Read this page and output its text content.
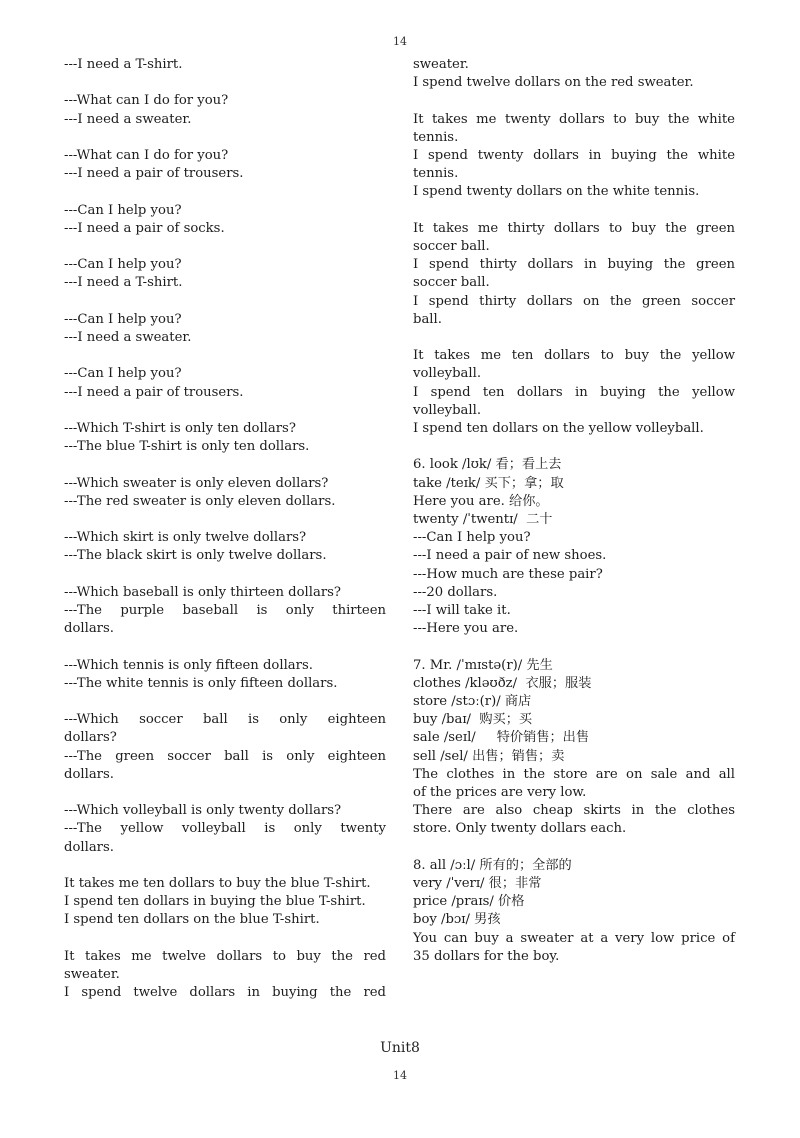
14
---I need a T-shirt.
---What can I do for you?
---I need a sweater.
---What can I do for you?
---I need a pair of trousers.
---Can I help you?
---I need a pair of socks.
---Can I help you?
---I need a T-shirt.
---Can I help you?
---I need a sweater.
---Can I help you?
---I need a pair of trousers.
---Which T-shirt is only ten dollars?
---The blue T-shirt is only ten dollars.
---Which sweater is only eleven dollars?
---The red sweater is only eleven dollars.
---Which skirt is only twelve dollars?
---The black skirt is only twelve dollars.
---Which baseball is only thirteen dollars?
---The purple baseball is only thirteen
dollars.
---Which tennis is only fifteen dollars.
---The white tennis is only fifteen dollars.
---Which soccer ball is only eighteen
dollars?
---The green soccer ball is only eighteen
dollars.
---Which volleyball is only twenty dollars?
---The yellow volleyball is only twenty
dollars.
It takes me ten dollars to buy the blue T-shirt.
I spend ten dollars in buying the blue T-shirt.
I spend ten dollars on the blue T-shirt.
It takes me twelve dollars to buy the red
sweater.
I spend twelve dollars in buying the red
sweater.
I spend twelve dollars on the red sweater.
It takes me twenty dollars to buy the white
tennis.
I spend twenty dollars in buying the white
tennis.
I spend twenty dollars on the white tennis.
It takes me thirty dollars to buy the green
soccer ball.
I spend thirty dollars in buying the green
soccer ball.
I spend thirty dollars on the green soccer
ball.
It takes me ten dollars to buy the yellow
volleyball.
I spend ten dollars in buying the yellow
volleyball.
I spend ten dollars on the yellow volleyball.
6. look /lʊk/ 看；看上去
take /teɪk/ 买下；拿；取
Here you are. 给你。
twenty /ˈtwentɪ/  二十
---Can I help you?
---I need a pair of new shoes.
---How much are these pair?
---20 dollars.
---I will take it.
---Here you are.
7. Mr. /ˈmɪstə(r)/ 先生
clothes /kləʊðz/  衣服；服装
store /stɔː(r)/ 商店
buy /baɪ/  购买；买
sale /seɪl/     特价销售；出售
sell /sel/ 出售；销售；卖
The clothes in the store are on sale and all
of the prices are very low.
There are also cheap skirts in the clothes
store. Only twenty dollars each.
8. all /ɔːl/ 所有的；全部的
very /ˈverɪ/ 很；非常
price /praɪs/ 价格
boy /bɔɪ/ 男孩
You can buy a sweater at a very low price of
35 dollars for the boy.
Unit8
14
